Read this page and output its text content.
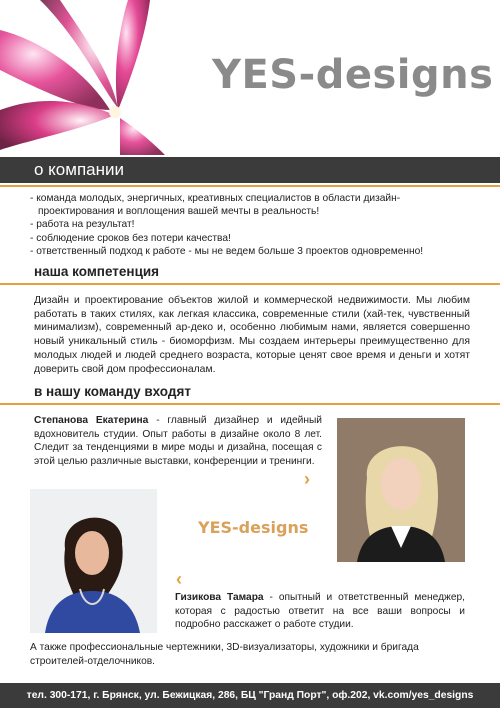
YES-designs
о компании
- команда молодых, энергичных, креативных специалистов в области дизайн-
проектирования и воплощения вашей мечты в реальность!
- работа на результат!
- соблюдение сроков без потери качества!
- ответственный подход к работе - мы не ведем больше 3 проектов одновременно!
наша компетенция
Дизайн и проектирование объектов жилой и коммерческой недвижимости. Мы любим работать в таких стилях, как легкая классика, современные стили (хай-тек, чувственный минимализм), современный ар-деко и, особенно любимым нами, является совершенно новый уникальный стиль - биоморфизм. Мы создаем интерьеры преимущественно для молодых людей и людей среднего возраста, которые ценят свое время и деньги и хотят доверить свой дом профессионалам.
в нашу команду входят
Степанова Екатерина - главный дизайнер и идейный вдохновитель студии. Опыт работы в дизайне около 8 лет. Следит за тенденциями в мире моды и дизайна, посещая с этой целью различные выставки, конференции и тренинги.
›
YES-designs
‹
Гизикова Тамара - опытный и ответственный менеджер, которая с радостью ответит на все ваши вопросы и подробно расскажет о работе студии.
А также профессиональные чертежники, 3D-визуализаторы, художники и бригада строителей-отделочников.
тел. 300-171, г. Брянск, ул. Бежицкая, 286, БЦ "Гранд Порт", оф.202, vk.com/yes_designs
